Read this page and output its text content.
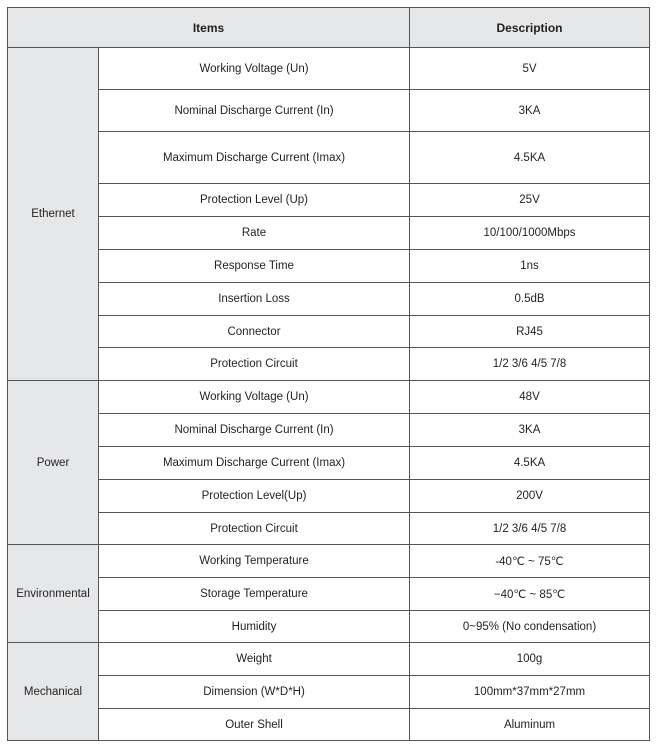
Items		Description
Ethernet	Working Voltage (Un)	5V
	Nominal Discharge Current (In)	3KA
	Maximum Discharge Current (Imax)	4.5KA
	Protection Level (Up)	25V
	Rate	10/100/1000Mbps
	Response Time	1ns
	Insertion Loss	0.5dB
	Connector	RJ45
	Protection Circuit	1/2 3/6 4/5 7/8
Power	Working Voltage (Un)	48V
	Nominal Discharge Current (In)	3KA
	Maximum Discharge Current (Imax)	4.5KA
	Protection Level(Up)	200V
	Protection Circuit	1/2 3/6 4/5 7/8
Environmental	Working Temperature	-40℃ ~ 75℃
	Storage Temperature	−40℃ ~ 85℃
	Humidity	0~95% (No condensation)
Mechanical	Weight	100g
	Dimension (W*D*H)	100mm*37mm*27mm
	Outer Shell	Aluminum
